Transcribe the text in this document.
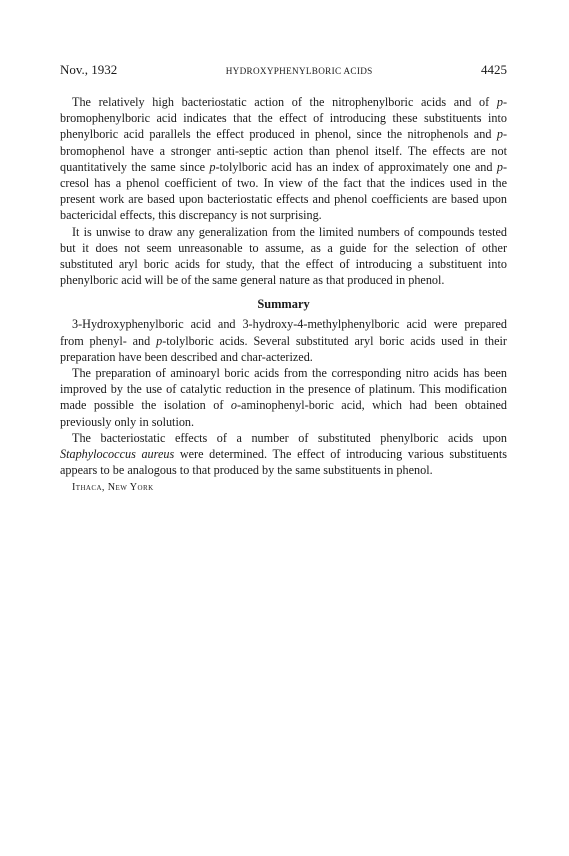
Nov., 1932	HYDROXYPHENYLBORIC ACIDS	4425

The relatively high bacteriostatic action of the nitrophenylboric acids and of p-bromophenylboric acid indicates that the effect of introducing these substituents into phenylboric acid parallels the effect produced in phenol, since the nitrophenols and p-bromophenol have a stronger anti-septic action than phenol itself. The effects are not quantitatively the same since p-tolylboric acid has an index of approximately one and p-cresol has a phenol coefficient of two. In view of the fact that the indices used in the present work are based upon bacteriostatic effects and phenol coefficients are based upon bactericidal effects, this discrepancy is not surprising.

It is unwise to draw any generalization from the limited numbers of compounds tested but it does not seem unreasonable to assume, as a guide for the selection of other substituted aryl boric acids for study, that the effect of introducing a substituent into phenylboric acid will be of the same general nature as that produced in phenol.

Summary

3-Hydroxyphenylboric acid and 3-hydroxy-4-methylphenylboric acid were prepared from phenyl- and p-tolylboric acids. Several substituted aryl boric acids used in their preparation have been described and char-acterized.

The preparation of aminoaryl boric acids from the corresponding nitro acids has been improved by the use of catalytic reduction in the presence of platinum. This modification made possible the isolation of o-aminophenyl-boric acid, which had been obtained previously only in solution.

The bacteriostatic effects of a number of substituted phenylboric acids upon Staphylococcus aureus were determined. The effect of introducing various substituents appears to be analogous to that produced by the same substituents in phenol.

Ithaca, New York
